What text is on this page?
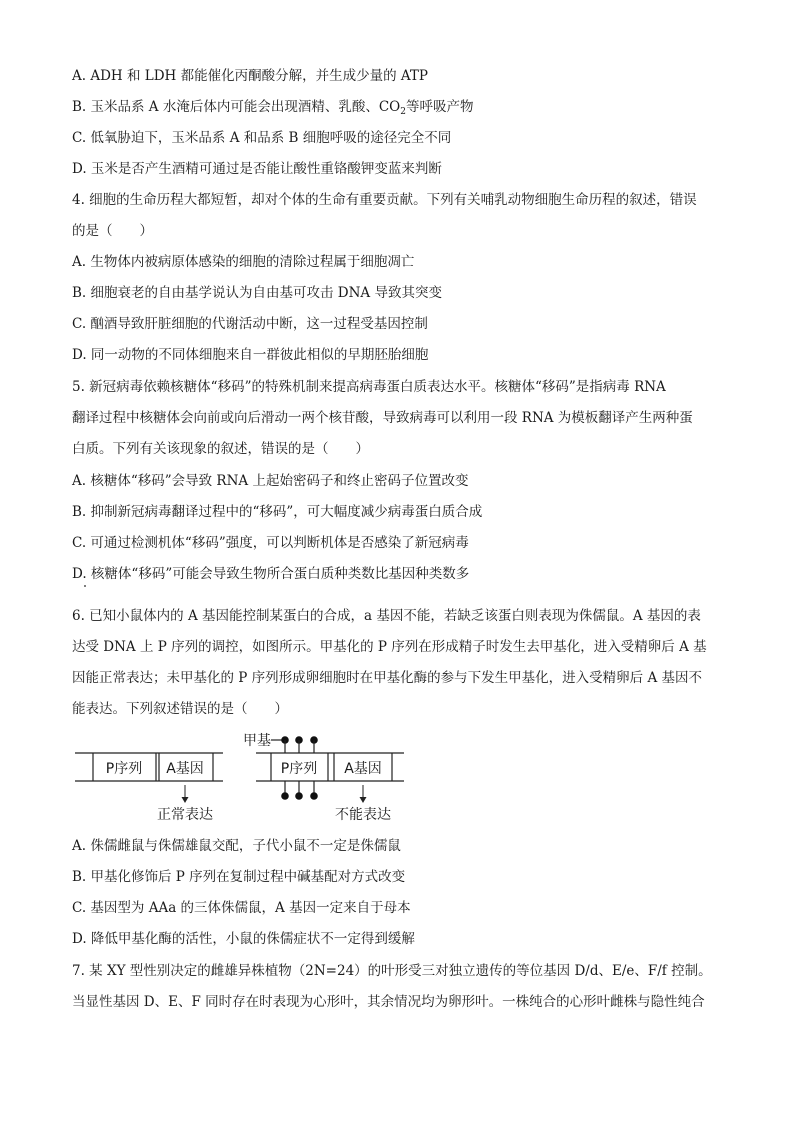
A. ADH 和 LDH 都能催化丙酮酸分解，并生成少量的 ATP
B. 玉米品系 A 水淹后体内可能会出现酒精、乳酸、$CO_2$等呼吸产物
C. 低氧胁迫下，玉米品系 A 和品系 B 细胞呼吸的途径完全不同
D. 玉米是否产生酒精可通过是否能让酸性重铬酸钾变蓝来判断
4. 细胞的生命历程大都短暂，却对个体的生命有重要贡献。下列有关哺乳动物细胞生命历程的叙述，错误
的是（　　）
A. 生物体内被病原体感染的细胞的清除过程属于细胞凋亡
B. 细胞衰老的自由基学说认为自由基可攻击 DNA 导致其突变
C. 酗酒导致肝脏细胞的代谢活动中断，这一过程受基因控制
D. 同一动物的不同体细胞来自一群彼此相似的早期胚胎细胞
5. 新冠病毒依赖核糖体“移码”的特殊机制来提高病毒蛋白质表达水平。核糖体“移码”是指病毒 RNA
翻译过程中核糖体会向前或向后滑动一两个核苷酸，导致病毒可以利用一段 RNA 为模板翻译产生两种蛋
白质。下列有关该现象的叙述，错误的是（　　）
A. 核糖体“移码”会导致 RNA 上起始密码子和终止密码子位置改变
B. 抑制新冠病毒翻译过程中的“移码”，可大幅度减少病毒蛋白质合成
C. 可通过检测机体“移码”强度，可以判断机体是否感染了新冠病毒
D. 核糖体“移码”可能会导致生物所合蛋白质种类数比基因种类数多
6. 已知小鼠体内的 A 基因能控制某蛋白的合成，a 基因不能，若缺乏该蛋白则表现为侏儒鼠。A 基因的表
达受 DNA 上 P 序列的调控，如图所示。甲基化的 P 序列在形成精子时发生去甲基化，进入受精卵后 A 基
因能正常表达；未甲基化的 P 序列形成卵细胞时在甲基化酶的参与下发生甲基化，进入受精卵后 A 基因不
能表达。下列叙述错误的是（　　）
P序列 A基因
正常表达
P序列 A基因
甲基
不能表达
A. 侏儒雌鼠与侏儒雄鼠交配，子代小鼠不一定是侏儒鼠
B. 甲基化修饰后 P 序列在复制过程中碱基配对方式改变
C. 基因型为 AAa 的三体侏儒鼠，A 基因一定来自于母本
D. 降低甲基化酶的活性，小鼠的侏儒症状不一定得到缓解
7. 某 XY 型性别决定的雌雄异株植物（2N=24）的叶形受三对独立遗传的等位基因 D/d、E/e、F/f 控制。
当显性基因 D、E、F 同时存在时表现为心形叶，其余情况均为卵形叶。一株纯合的心形叶雌株与隐性纯合
